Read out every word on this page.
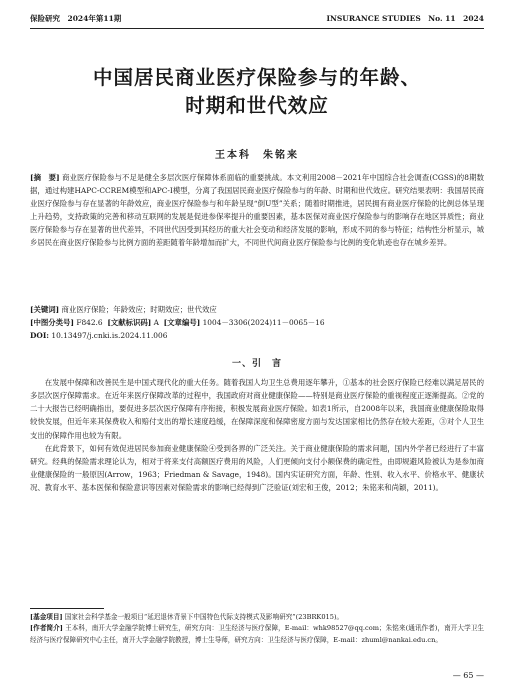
保险研究　2024年第11期	INSURANCE STUDIES　No. 11　2024
中国居民商业医疗保险参与的年龄、
时期和世代效应
王本科　朱铭来

[摘　要] 商业医疗保险参与不足是健全多层次医疗保障体系面临的重要挑战。本文利用2008－2021年中国综合社会调查(CGSS)的8期数据，通过构建HAPC-CCREM模型和APC-I模型，分离了我国居民商业医疗保险参与的年龄、时期和世代效应。研究结果表明：我国居民商业医疗保险参与存在显著的年龄效应，商业医疗保险参与和年龄呈现“倒U型”关系；随着时期推进，居民拥有商业医疗保险的比例总体呈现上升趋势，支持政策的完善和移动互联网的发展是促进参保率提升的重要因素，基本医保对商业医疗保险参与的影响存在地区异质性；商业医疗保险参与存在显著的世代差异，不同世代因受到其经历的重大社会变动和经济发展的影响，形成不同的参与特征；结构性分析显示，城乡居民在商业医疗保险参与比例方面的差距随着年龄增加而扩大，不同世代间商业医疗保险参与比例的变化轨迹也存在城乡差异。

[关键词] 商业医疗保险；年龄效应；时期效应；世代效应
[中图分类号] F842.6 [文献标识码] A [文章编号] 1004－3306(2024)11－0065－16
DOI: 10.13497/j.cnki.is.2024.11.006
一、引　言

在发展中保障和改善民生是中国式现代化的重大任务。随着我国人均卫生总费用逐年攀升，①基本的社会医疗保险已经难以满足居民的多层次医疗保障需求。在近年来医疗保障改革的过程中，我国政府对商业健康保险——特别是商业医疗保险的重视程度正逐渐提高。②党的二十大报告已经明确指出，要促进多层次医疗保障有序衔接，积极发展商业医疗保险。如表1所示，自2008年以来，我国商业健康保险取得较快发展，但近年来其保费收入和赔付支出的增长速度趋缓，在保障深度和保障密度方面与发达国家相比仍然存在较大差距，③对个人卫生支出的保障作用也较为有限。

在此背景下，如何有效促进居民参加商业健康保险④受到各界的广泛关注。关于商业健康保险的需求问题，国内外学者已经进行了丰富研究。经典的保险需求理论认为，相对于将来支付高额医疗费用的风险，人们更倾向支付小额保费的确定性，由即规避风险被认为是参加商业健康保险的一般原因(Arrow，1963；Friedman & Savage，1948)。国内实证研究方面，年龄、性别、收入水平、价格水平、健康状况、教育水平、基本医保和保险意识等因素对保险需求的影响已经得到广泛验证(刘宏和王俊，2012；朱铭来和尚颖，2011)。

[基金项目] 国家社会科学基金一般项目“延迟退休背景下中国特色代际支持模式及影响研究”(23BRK015)。

[作者简介] 王本科，南开大学金融学院博士研究生，研究方向：卫生经济与医疗保障，E-mail：whk98527@qq.com；朱铭来(通讯作者)，南开大学卫生经济与医疗保障研究中心主任，南开大学金融学院教授，博士生导师，研究方向：卫生经济与医疗保障，E-mail：zhuml@nankai.edu.cn。

— 65 —
